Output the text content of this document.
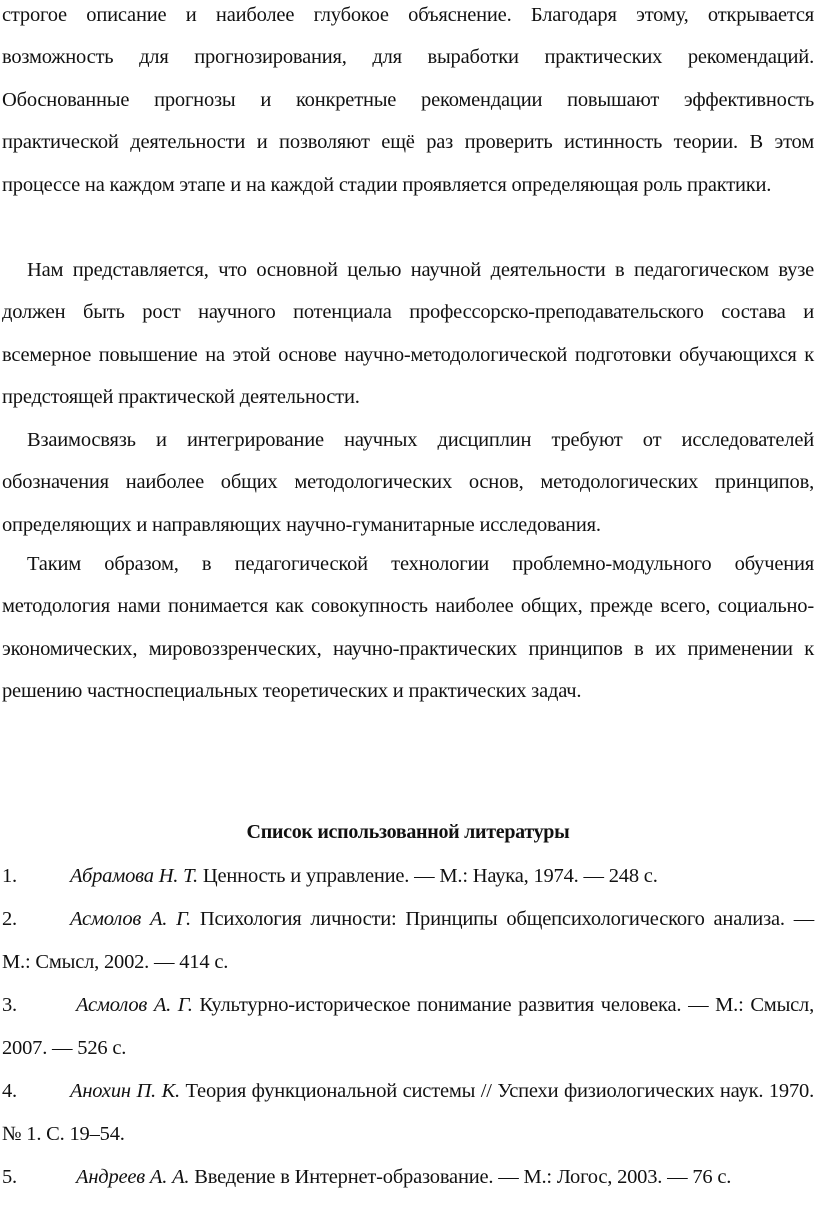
строгое описание и наиболее глубокое объяснение. Благодаря этому, открывается возможность для прогнозирования, для выработки практических рекомендаций. Обоснованные прогнозы и конкретные рекомендации повышают эффективность практической деятельности и позволяют ещё раз проверить истинность теории. В этом процессе на каждом этапе и на каждой стадии проявляется определяющая роль практики.

Нам представляется, что основной целью научной деятельности в педагогическом вузе должен быть рост научного потенциала профессорско-преподавательского состава и всемерное повышение на этой основе научно-методологической подготовки обучающихся к предстоящей практической деятельности.

Взаимосвязь и интегрирование научных дисциплин требуют от исследователей обозначения наиболее общих методологических основ, методологических принципов, определяющих и направляющих научно-гуманитарные исследования.

Таким образом, в педагогической технологии проблемно-модульного обучения методология нами понимается как совокупность наиболее общих, прежде всего, социально-экономических, мировоззренческих, научно-практических принципов в их применении к решению частноспециальных теоретических и практических задач.

Список использованной литературы

1.	Абрамова Н. Т. Ценность и управление. — М.: Наука, 1974. — 248 с.

2.	Асмолов А. Г. Психология личности: Принципы общепсихологического анализа. — М.: Смысл, 2002. — 414 с.

3.	Асмолов А. Г. Культурно-историческое понимание развития человека. — М.: Смысл, 2007. — 526 с.

4.	Анохин П. К. Теория функциональной системы // Успехи физиологических наук. 1970. № 1. С. 19–54.

5.	Андреев А. А. Введение в Интернет-образование. — М.: Логос, 2003. — 76 с.
